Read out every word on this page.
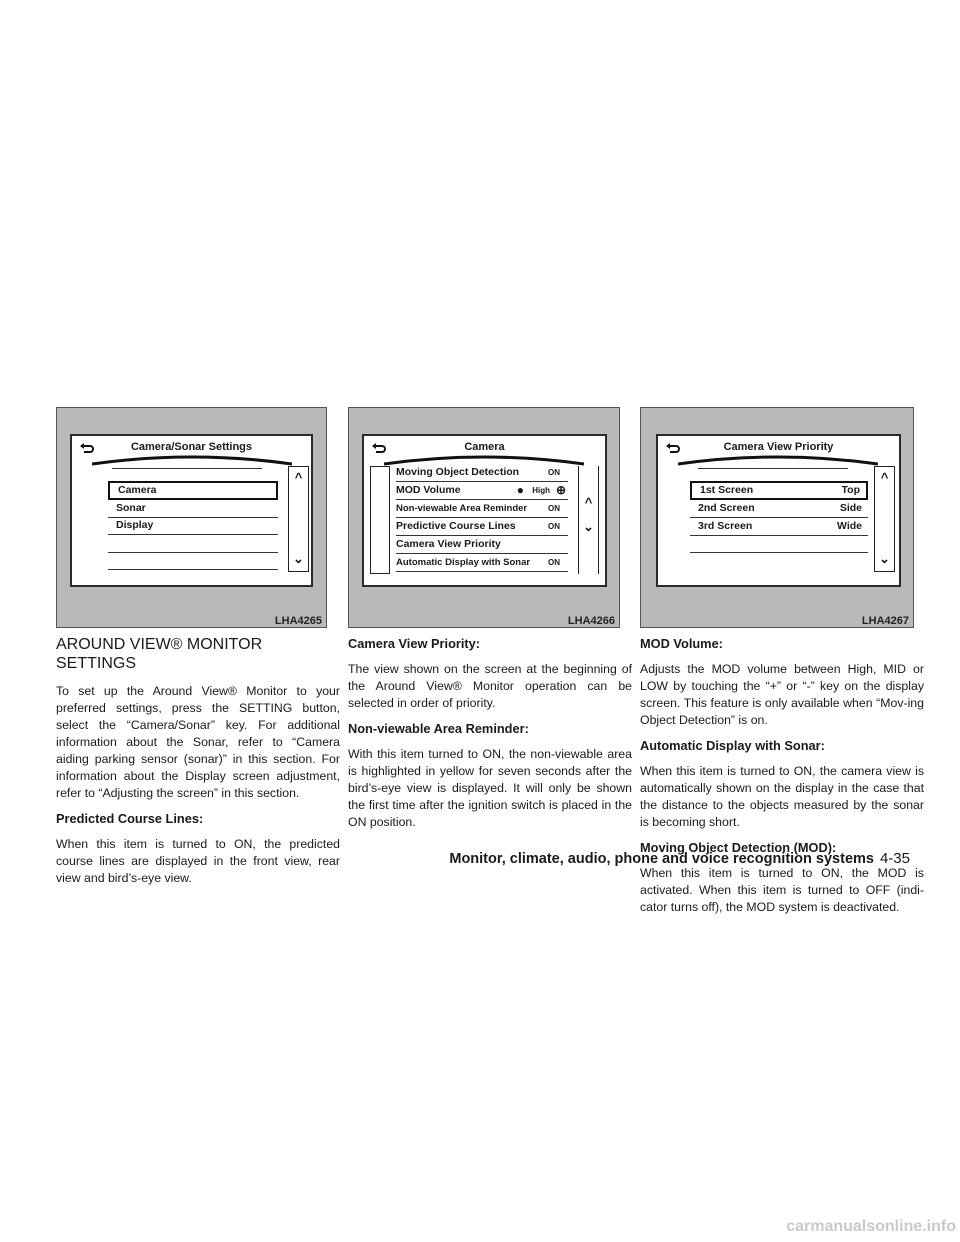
Camera/Sonar Settings
Camera
Sonar
Display
^
⌄
LHA4265
Camera
Moving Object Detection	ON
MOD Volume	High ⊕
●
Non-viewable Area Reminder	ON
Predictive Course Lines	ON
Camera View Priority
Automatic Display with Sonar ON
^
⌄
LHA4266
Camera View Priority
1st Screen	Top
2nd Screen	Side
3rd Screen	Wide
^
⌄
LHA4267
AROUND VIEW® MONITOR SETTINGS

To set up the Around View® Monitor to your preferred settings, press the SETTING button, select the “Camera/Sonar” key. For additional information about the Sonar, refer to “Camera aiding parking sensor (sonar)” in this section. For information about the Display screen adjustment, refer to “Adjusting the screen” in this section.

Predicted Course Lines:

When this item is turned to ON, the predicted course lines are displayed in the front view, rear view and bird’s-eye view.

Camera View Priority:

The view shown on the screen at the beginning of the Around View® Monitor operation can be selected in order of priority.

Non-viewable Area Reminder:

With this item turned to ON, the non-viewable area is highlighted in yellow for seven seconds after the bird’s-eye view is displayed. It will only be shown the first time after the ignition switch is placed in the ON position.

MOD Volume:

Adjusts the MOD volume between High, MID or LOW by touching the “+” or “-” key on the display screen. This feature is only available when “Mov-ing Object Detection” is on.

Automatic Display with Sonar:

When this item is turned to ON, the camera view is automatically shown on the display in the case that the distance to the objects measured by the sonar is becoming short.

Moving Object Detection (MOD):

When this item is turned to ON, the MOD is activated. When this item is turned to OFF (indi-cator turns off), the MOD system is deactivated.

Monitor, climate, audio, phone and voice recognition systems 4-35
carmanualsonline.info
